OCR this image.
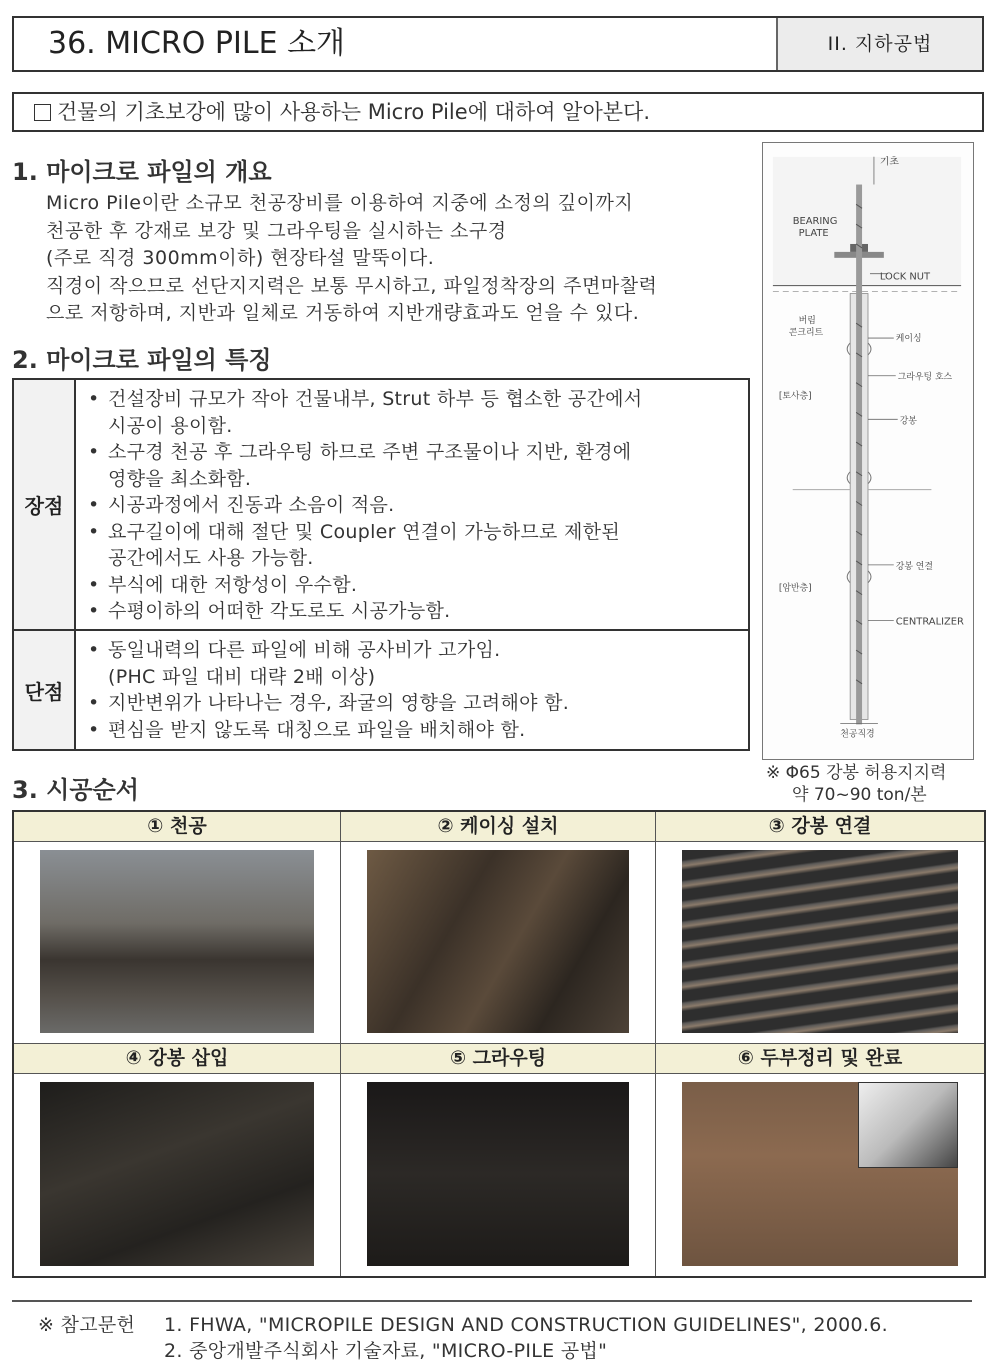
36. MICRO PILE 소개	II. 지하공법
건물의 기초보강에 많이 사용하는 Micro Pile에 대하여 알아본다.
1. 마이크로 파일의 개요
Micro Pile이란 소규모 천공장비를 이용하여 지중에 소정의 깊이까지
천공한 후 강재로 보강 및 그라우팅을 실시하는 소구경
(주로 직경 300mm이하) 현장타설 말뚝이다.
직경이 작으므로 선단지지력은 보통 무시하고, 파일정착장의 주면마찰력
으로 저항하며, 지반과 일체로 거동하여 지반개량효과도 얻을 수 있다.
2. 마이크로 파일의 특징
장점
• 건설장비 규모가 작아 건물내부, Strut 하부 등 협소한 공간에서
시공이 용이함.
• 소구경 천공 후 그라우팅 하므로 주변 구조물이나 지반, 환경에
영향을 최소화함.
• 시공과정에서 진동과 소음이 적음.
• 요구길이에 대해 절단 및 Coupler 연결이 가능하므로 제한된
공간에서도 사용 가능함.
• 부식에 대한 저항성이 우수함.
• 수평이하의 어떠한 각도로도 시공가능함.
단점
• 동일내력의 다른 파일에 비해 공사비가 고가임.
(PHC 파일 대비 대략 2배 이상)
• 지반변위가 나타나는 경우, 좌굴의 영향을 고려해야 함.
• 편심을 받지 않도록 대칭으로 파일을 배치해야 함.
기초
BEARING
PLATE
LOCK NUT
버림
콘크리트
케이싱
그라우팅 호스
[토사층]
강봉
강봉 연결
[암반층]
CENTRALIZER
천공직경
※ Φ65 강봉 허용지지력
약 70~90 ton/본
3. 시공순서
① 천공	② 케이싱 설치	③ 강봉 연결
④ 강봉 삽입	⑤ 그라우팅	⑥ 두부정리 및 완료
※ 참고문헌 1. FHWA, "MICROPILE DESIGN AND CONSTRUCTION GUIDELINES", 2000.6.
2. 중앙개발주식회사 기술자료, "MICRO-PILE 공법"
